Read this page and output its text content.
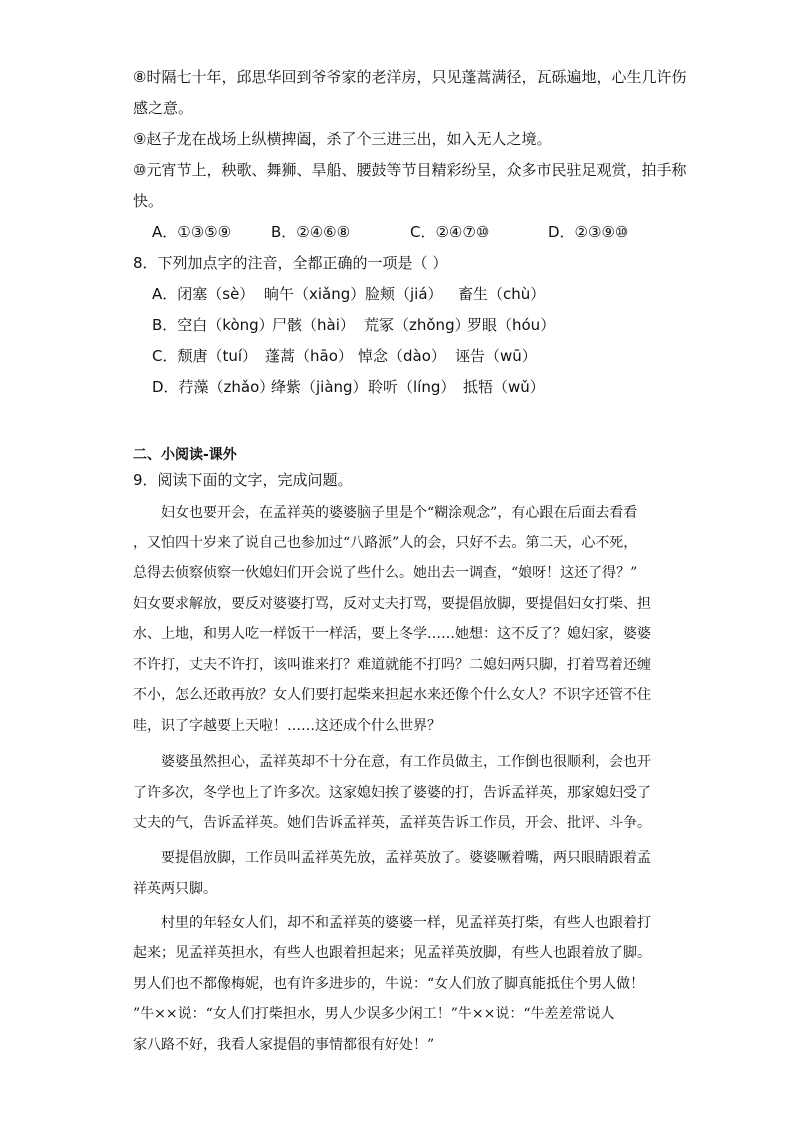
⑧时隔七十年，邱思华回到爷爷家的老洋房，只见蓬蒿满径，瓦砾遍地，心生几许伤
感之意。
⑨赵子龙在战场上纵横捭阖，杀了个三进三出，如入无人之境。
⑩元宵节上，秧歌、舞狮、旱船、腰鼓等节目精彩纷呈，众多市民驻足观赏，拍手称
快。
A．①③⑤⑨	B．②④⑥⑧	C．②④⑦⑩	D．②③⑨⑩
8．下列加点字的注音，全都正确的一项是（ ）
A．闭塞（sè） 晌午（xiǎng） 脸颊（jiá） 畜生（chù）
B．空白（kòng）
尸骸（hài） 荒冢（zhǒng）
罗眼（hóu）
C．颓唐（tuí） 蓬蒿（hāo） 悼念（dào） 诬告（wū）
D．荇藻（zhǎo）
绛紫（jiàng） 聆听（líng） 抵牾（wǔ）
二、小阅读-课外
9．阅读下面的文字，完成问题。
　　妇女也要开会，在孟祥英的婆婆脑子里是个“糊涂观念”，有心跟在后面去看看
，又怕四十岁来了说自己也参加过“八路派”人的会，只好不去。第二天，心不死，
总得去侦察侦察一伙媳妇们开会说了些什么。她出去一调查，“娘呀！这还了得？”
妇女要求解放，要反对婆婆打骂，反对丈夫打骂，要提倡放脚，要提倡妇女打柴、担
水、上地，和男人吃一样饭干一样活，要上冬学……她想：这不反了？媳妇家，婆婆
不许打，丈夫不许打，该叫谁来打？难道就能不打吗？二媳妇两只脚，打着骂着还缠
不小，怎么还敢再放？女人们要打起柴来担起水来还像个什么女人？不识字还管不住
哇，识了字越要上天啦！……这还成个什么世界？
　　婆婆虽然担心，孟祥英却不十分在意，有工作员做主，工作倒也很顺利，会也开
了许多次，冬学也上了许多次。这家媳妇挨了婆婆的打，告诉孟祥英，那家媳妇受了
丈夫的气，告诉孟祥英。她们告诉孟祥英，孟祥英告诉工作员，开会、批评、斗争。
　　要提倡放脚，工作员叫孟祥英先放，孟祥英放了。婆婆噘着嘴，两只眼睛跟着孟
祥英两只脚。
　　村里的年轻女人们，却不和孟祥英的婆婆一样，见孟祥英打柴，有些人也跟着打
起来；见孟祥英担水，有些人也跟着担起来；见孟祥英放脚，有些人也跟着放了脚。
男人们也不都像梅妮，也有许多进步的，牛说：“女人们放了脚真能抵住个男人做！
”牛××说：“女人们打柴担水，男人少误多少闲工！”牛××说：“牛差差常说人
家八路不好，我看人家提倡的事情都很有好处！”
